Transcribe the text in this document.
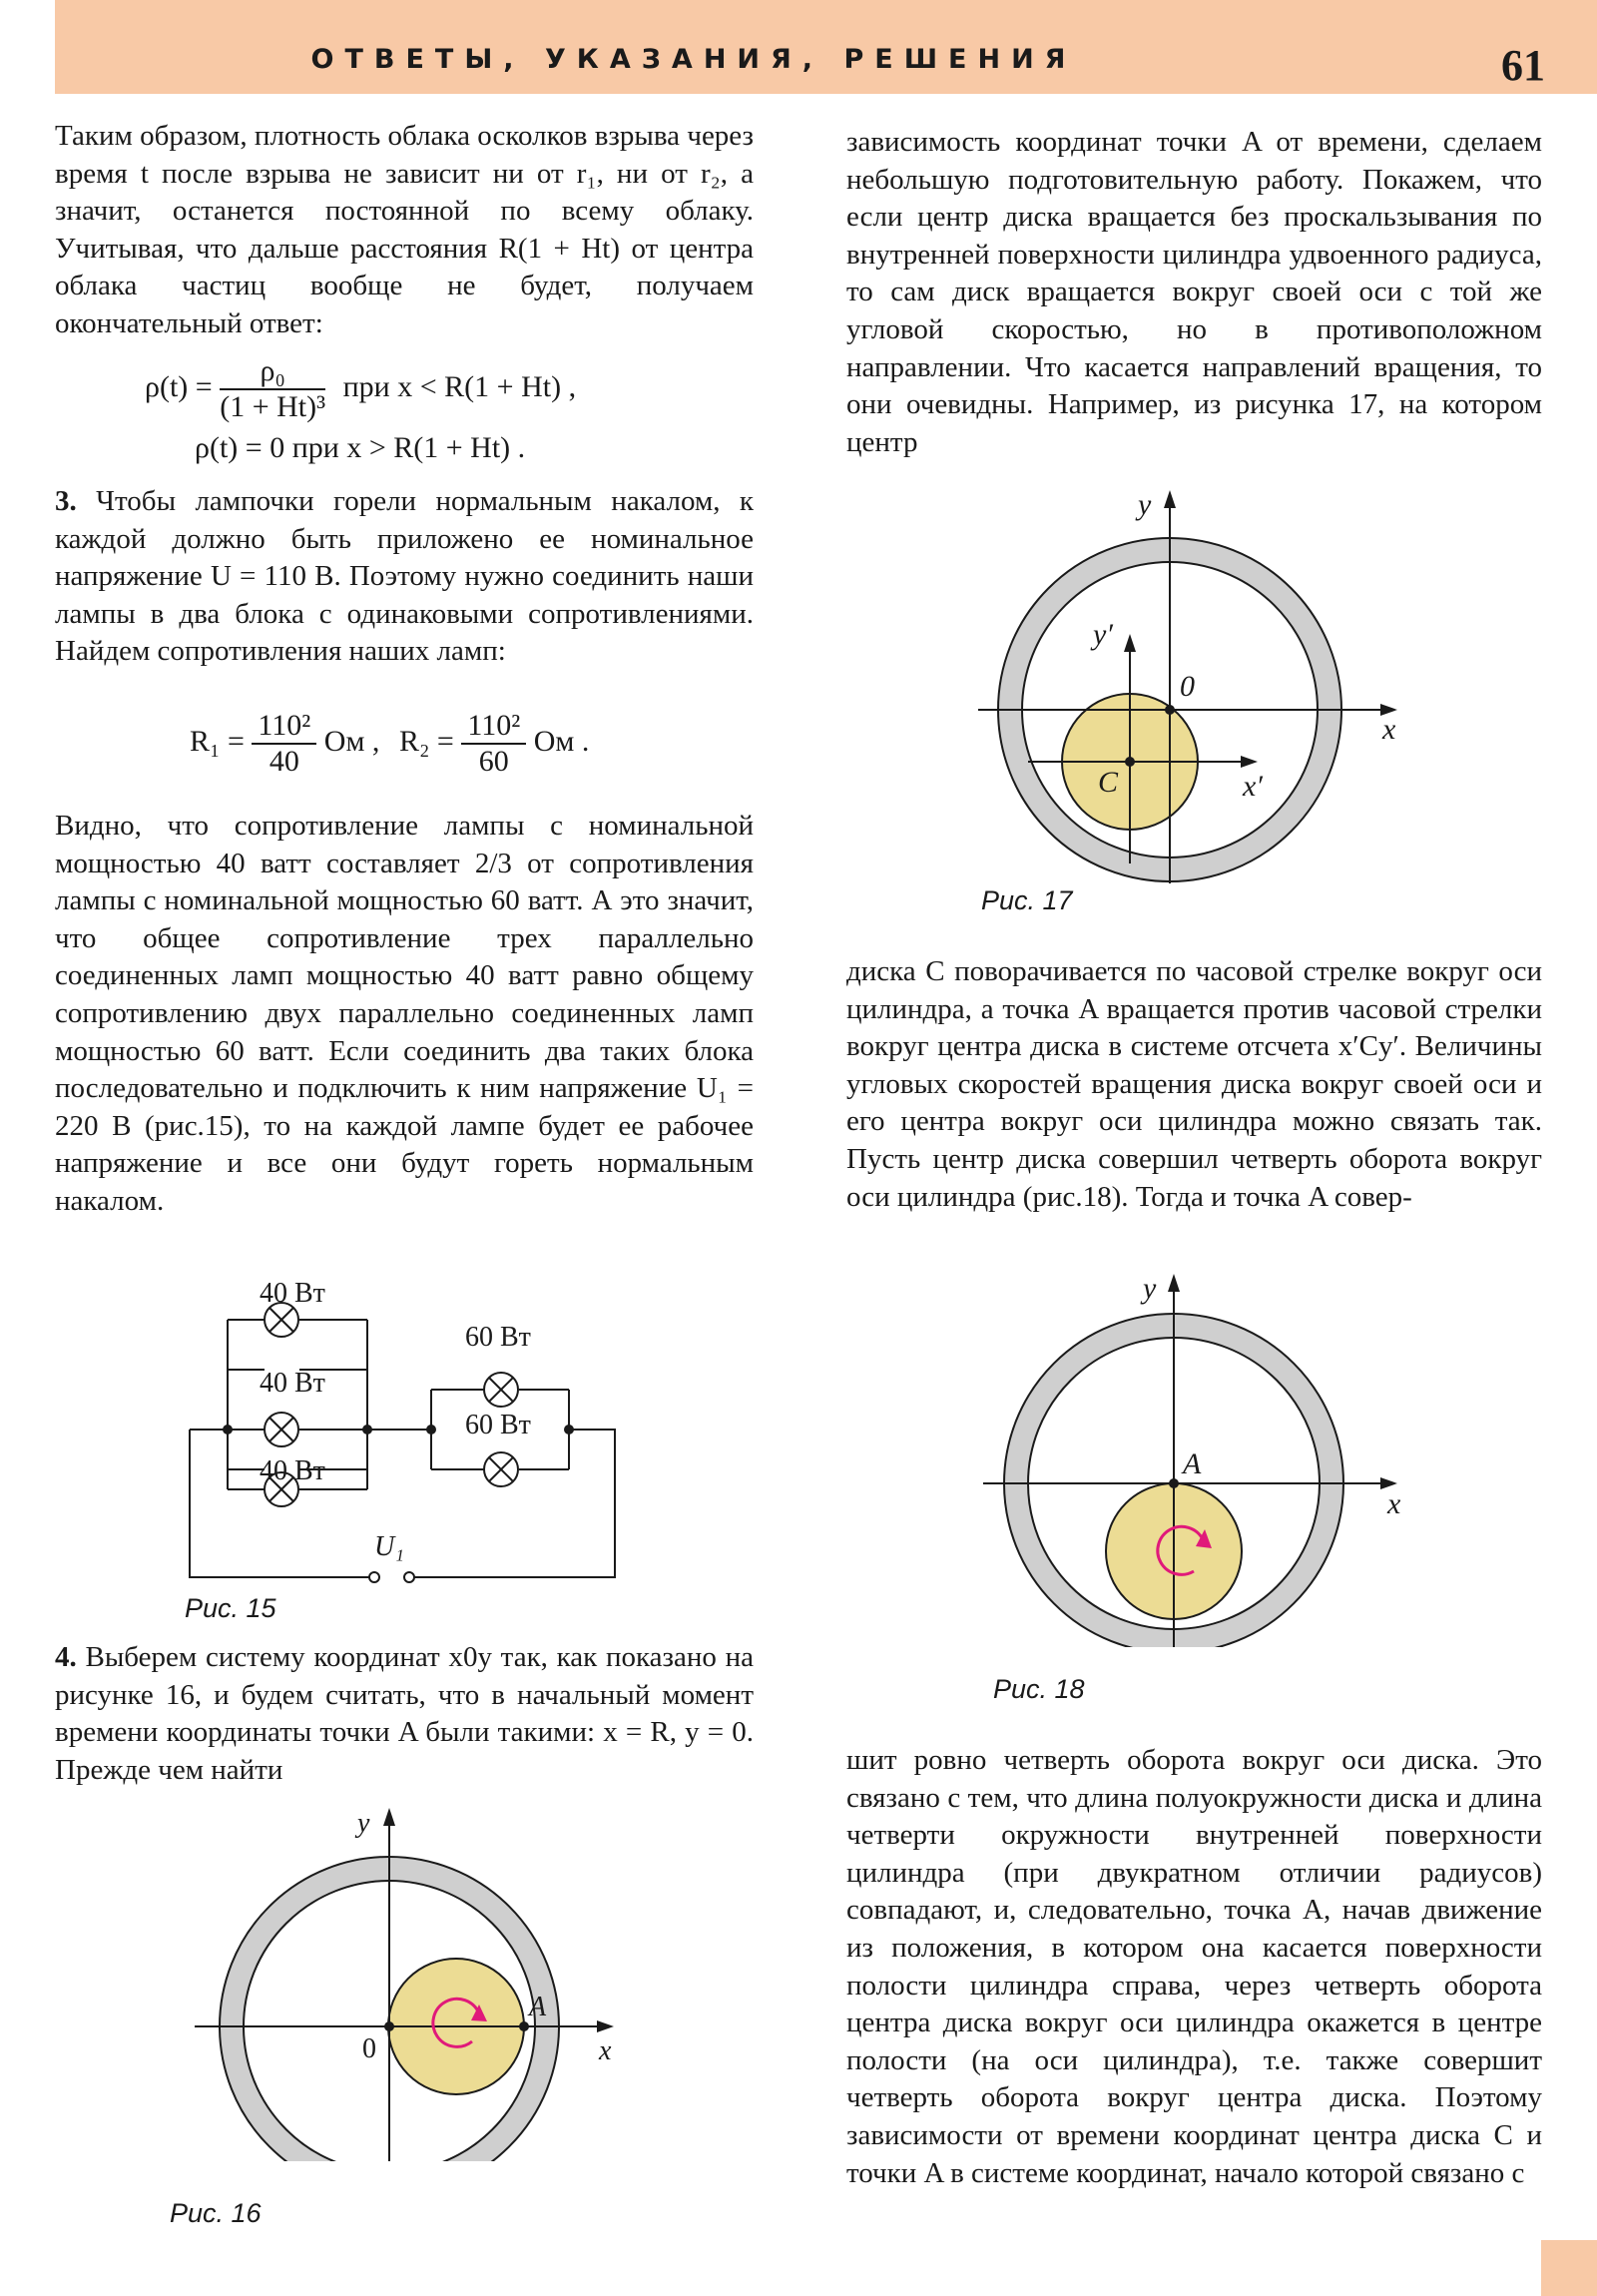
ОТВЕТЫ, УКАЗАНИЯ, РЕШЕНИЯ	61

Таким образом, плотность облака осколков взрыва через время t после взрыва не зависит ни от r₁, ни от r₂, а значит, останется постоянной по всему облаку. Учитывая, что дальше расстояния R(1 + Ht) от центра облака частиц вообще не будет, получаем окончательный ответ:

$\rho(t) = \frac{\text{ρ₀}}{\text{(1 + Ht)³}}$ при x < R(1 + Ht) ,
ρ(t) = 0 при x > R(1 + Ht) .

3. Чтобы лампочки горели нормальным накалом, к каждой должно быть приложено ее номинальное напряжение U = 110 В. Поэтому нужно соединить наши лампы в два блока с одинаковыми сопротивлениями. Найдем сопротивления наших ламп:

$R_1 = \frac{\text{110²}}{40}$ Ом , $R_2 = \frac{\text{110²}}{60}$ Ом .

Видно, что сопротивление лампы с номинальной мощностью 40 ватт составляет 2/3 от сопротивления лампы с номинальной мощностью 60 ватт. А это значит, что общее сопротивление трех параллельно соединенных ламп мощностью 40 ватт равно общему сопротивлению двух параллельно соединенных ламп мощностью 60 ватт. Если соединить два таких блока последовательно и подключить к ним напряжение U₁ = 220 В (рис.15), то на каждой лампе будет ее рабочее напряжение и все они будут гореть нормальным накалом.

40 Вт
40 Вт
40 Вт
60 Вт
60 Вт
U₁
Рис. 15

4. Выберем систему координат x0y так, как показано на рисунке 16, и будем считать, что в начальный момент времени координаты точки A были такими: x = R, y = 0. Прежде чем найти

y
x
A
0
Рис. 16

зависимость координат точки A от времени, сделаем небольшую подготовительную работу. Покажем, что если центр диска вращается без проскальзывания по внутренней поверхности цилиндра удвоенного радиуса, то сам диск вращается вокруг своей оси с той же угловой скоростью, но в противоположном направлении. Что касается направлений вращения, то они очевидны. Например, из рисунка 17, на котором центр

y
x
y′
x′
C
0
Рис. 17

диска C поворачивается по часовой стрелке вокруг оси цилиндра, а точка A вращается против часовой стрелки вокруг центра диска в системе отсчета x′Cy′. Величины угловых скоростей вращения диска вокруг своей оси и его центра вокруг оси цилиндра можно связать так. Пусть центр диска совершил четверть оборота вокруг оси цилиндра (рис.18). Тогда и точка A совер-

y
x
A
Рис. 18

шит ровно четверть оборота вокруг оси диска. Это связано с тем, что длина полуокружности диска и длина четверти окружности внутренней поверхности цилиндра (при двукратном отличии радиусов) совпадают, и, следовательно, точка A, начав движение из положения, в котором она касается поверхности полости цилиндра справа, через четверть оборота центра диска вокруг оси цилиндра окажется в центре полости (на оси цилиндра), т.е. также совершит четверть оборота вокруг центра диска. Поэтому зависимости от времени координат центра диска C и точки A в системе координат, начало которой связано с
